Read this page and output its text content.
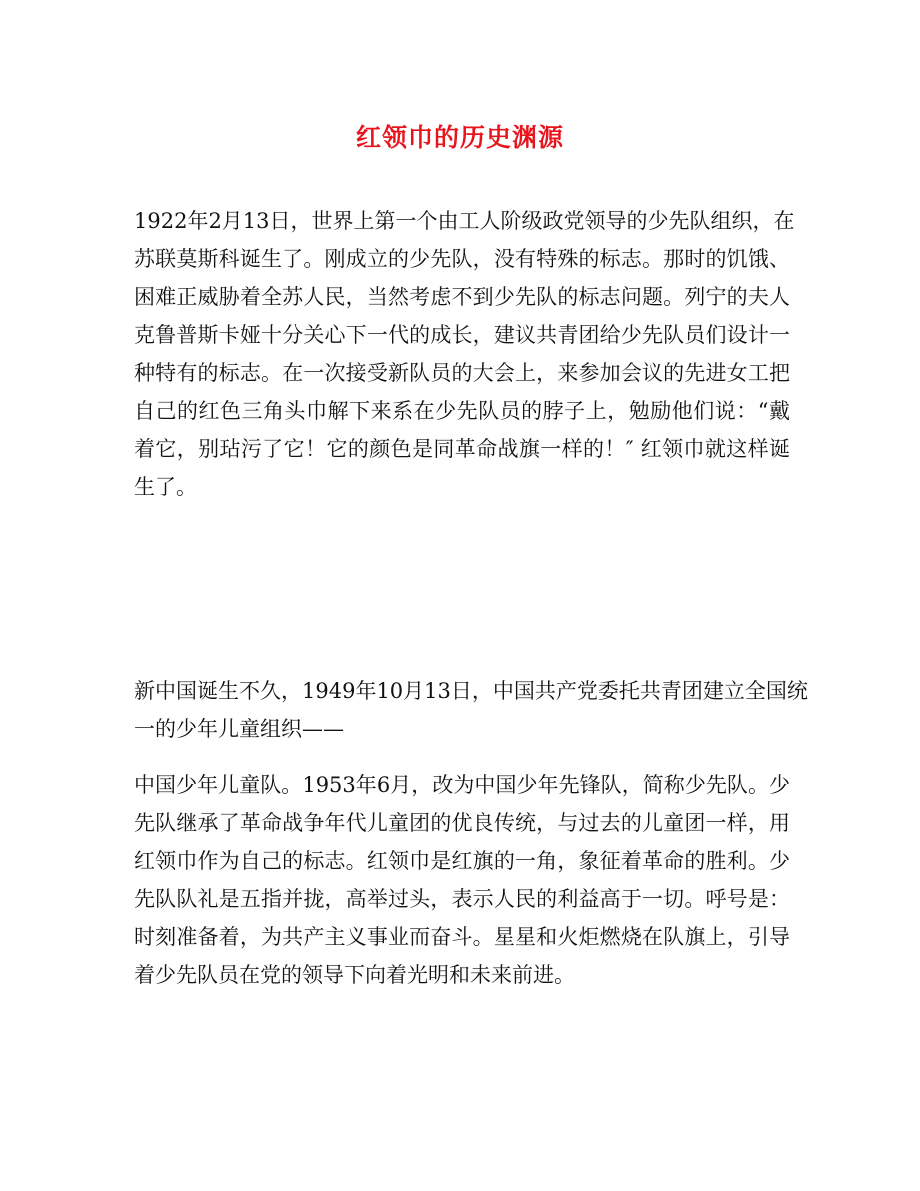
红领巾的历史渊源

1922年2月13日，世界上第一个由工人阶级政党领导的少先队组织，在
苏联莫斯科诞生了。刚成立的少先队，没有特殊的标志。那时的饥饿、
困难正威胁着全苏人民，当然考虑不到少先队的标志问题。列宁的夫人
克鲁普斯卡娅十分关心下一代的成长，建议共青团给少先队员们设计一
种特有的标志。在一次接受新队员的大会上，来参加会议的先进女工把
自己的红色三角头巾解下来系在少先队员的脖子上，勉励他们说：“戴
着它，别玷污了它！它的颜色是同革命战旗一样的！″ 红领巾就这样诞
生了。

新中国诞生不久，1949年10月13日，中国共产党委托共青团建立全国统
一的少年儿童组织——

中国少年儿童队。1953年6月，改为中国少年先锋队，简称少先队。少
先队继承了革命战争年代儿童团的优良传统，与过去的儿童团一样，用
红领巾作为自己的标志。红领巾是红旗的一角，象征着革命的胜利。少
先队队礼是五指并拢，高举过头，表示人民的利益高于一切。呼号是：
时刻准备着，为共产主义事业而奋斗。星星和火炬燃烧在队旗上，引导
着少先队员在党的领导下向着光明和未来前进。
